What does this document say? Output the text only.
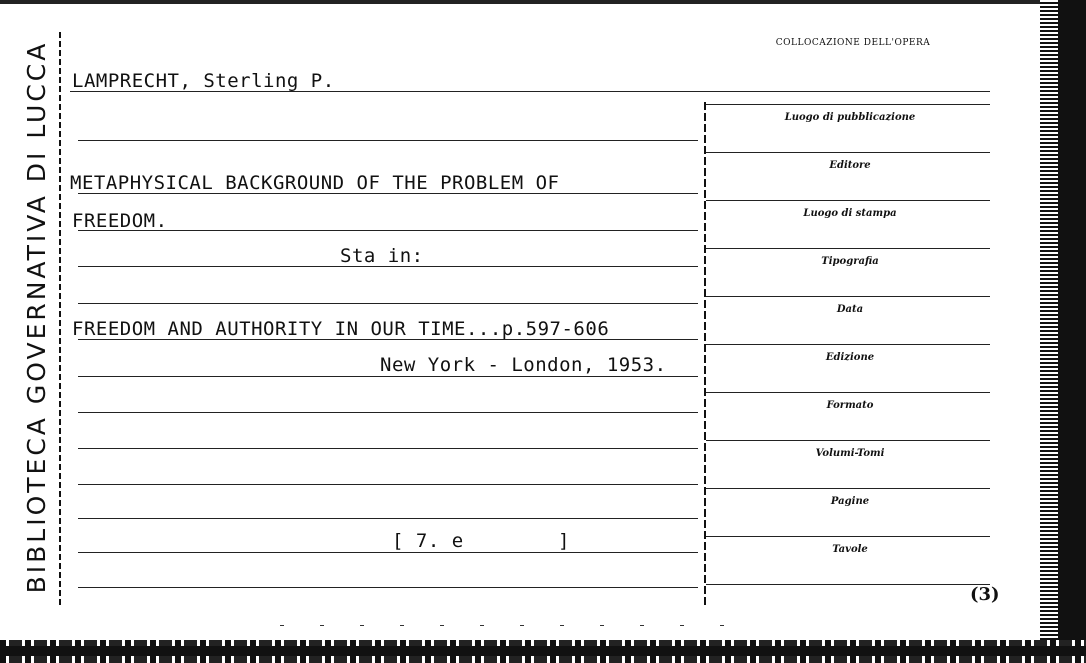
BIBLIOTECA GOVERNATIVA DI LUCCA LAMPRECHT, Sterling P.
METAPHYSICAL BACKGROUND OF THE PROBLEM OF
FREEDOM.
Sta in:
FREEDOM AND AUTHORITY IN OUR TIME...p.597-606
New York - London, 1953.
[ 7. e	]
COLLOCAZIONE DELL'OPERA
Luogo di pubblicazione
Editore
Luogo di stampa
Tipografia
Data
Edizione
Formato
Volumi-Tomi
Pagine
Tavole
(3)
